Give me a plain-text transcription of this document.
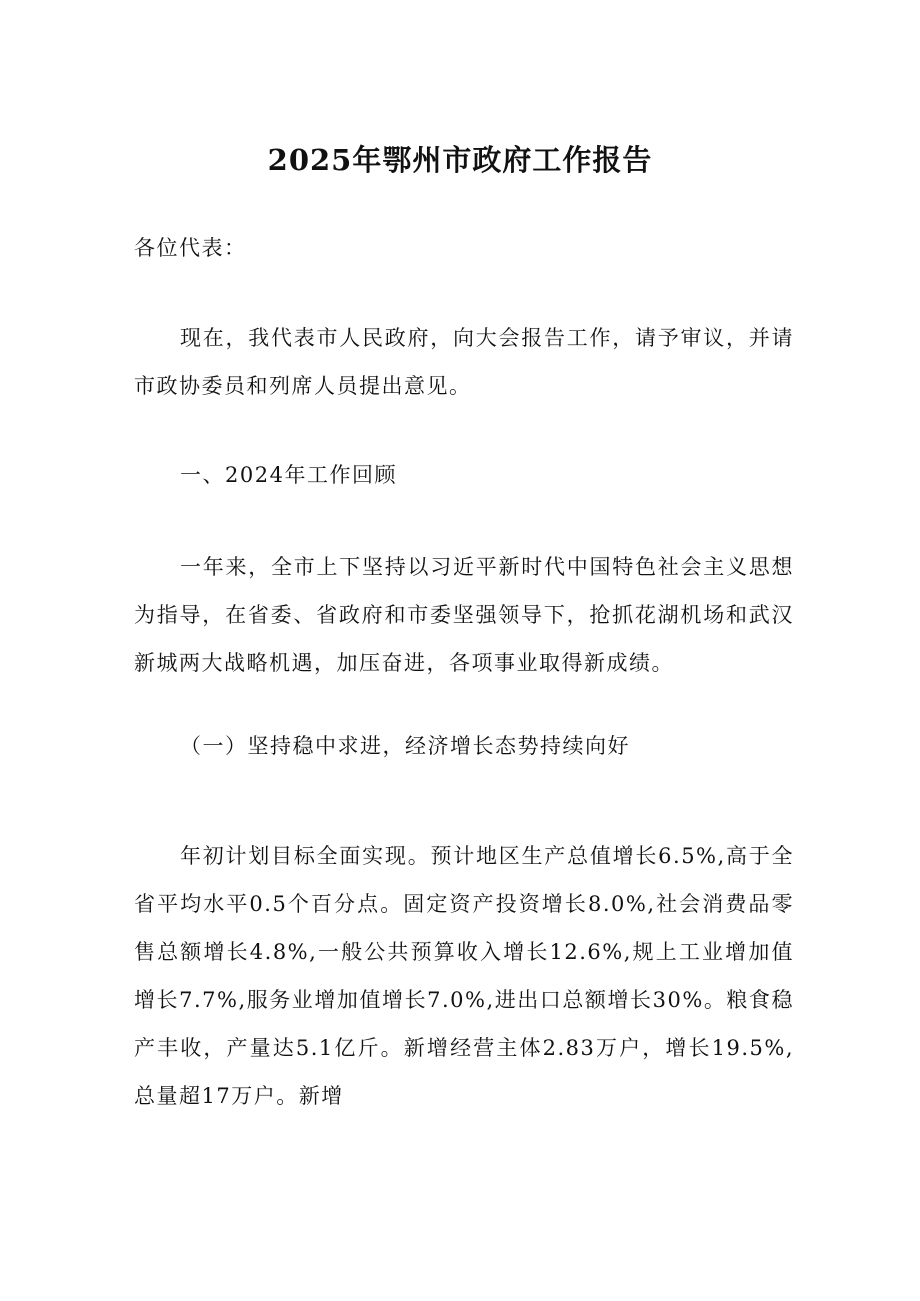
2025年鄂州市政府工作报告

各位代表：

现在，我代表市人民政府，向大会报告工作，请予审议，并请市政协委员和列席人员提出意见。

一、2024年工作回顾

一年来，全市上下坚持以习近平新时代中国特色社会主义思想为指导，在省委、省政府和市委坚强领导下，抢抓花湖机场和武汉新城两大战略机遇，加压奋进，各项事业取得新成绩。

（一）坚持稳中求进，经济增长态势持续向好

年初计划目标全面实现。预计地区生产总值增长6.5%,高于全省平均水平0.5个百分点。固定资产投资增长8.0%,社会消费品零售总额增长4.8%,一般公共预算收入增长12.6%,规上工业增加值增长7.7%,服务业增加值增长7.0%,进出口总额增长30%。粮食稳产丰收，产量达5.1亿斤。新增经营主体2.83万户，增长19.5%,总量超17万户。新增
